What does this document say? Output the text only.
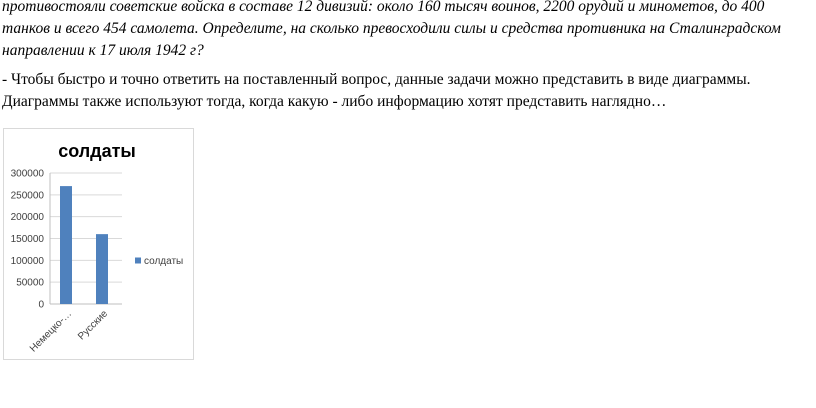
противостояли советские войска в составе 12 дивизий: около 160 тысяч воинов, 2200 орудий и минометов, до 400
танков и всего 454 самолета. Определите, на сколько превосходили силы и средства противника на Сталинградском
направлении к 17 июля 1942 г?
- Чтобы быстро и точно ответить на поставленный вопрос, данные задачи можно представить в виде диаграммы.
Диаграммы также используют тогда, когда какую - либо информацию хотят представить наглядно…
солдаты
0
50000
100000
150000
200000
250000
300000
Немецко-… Русские
солдаты
